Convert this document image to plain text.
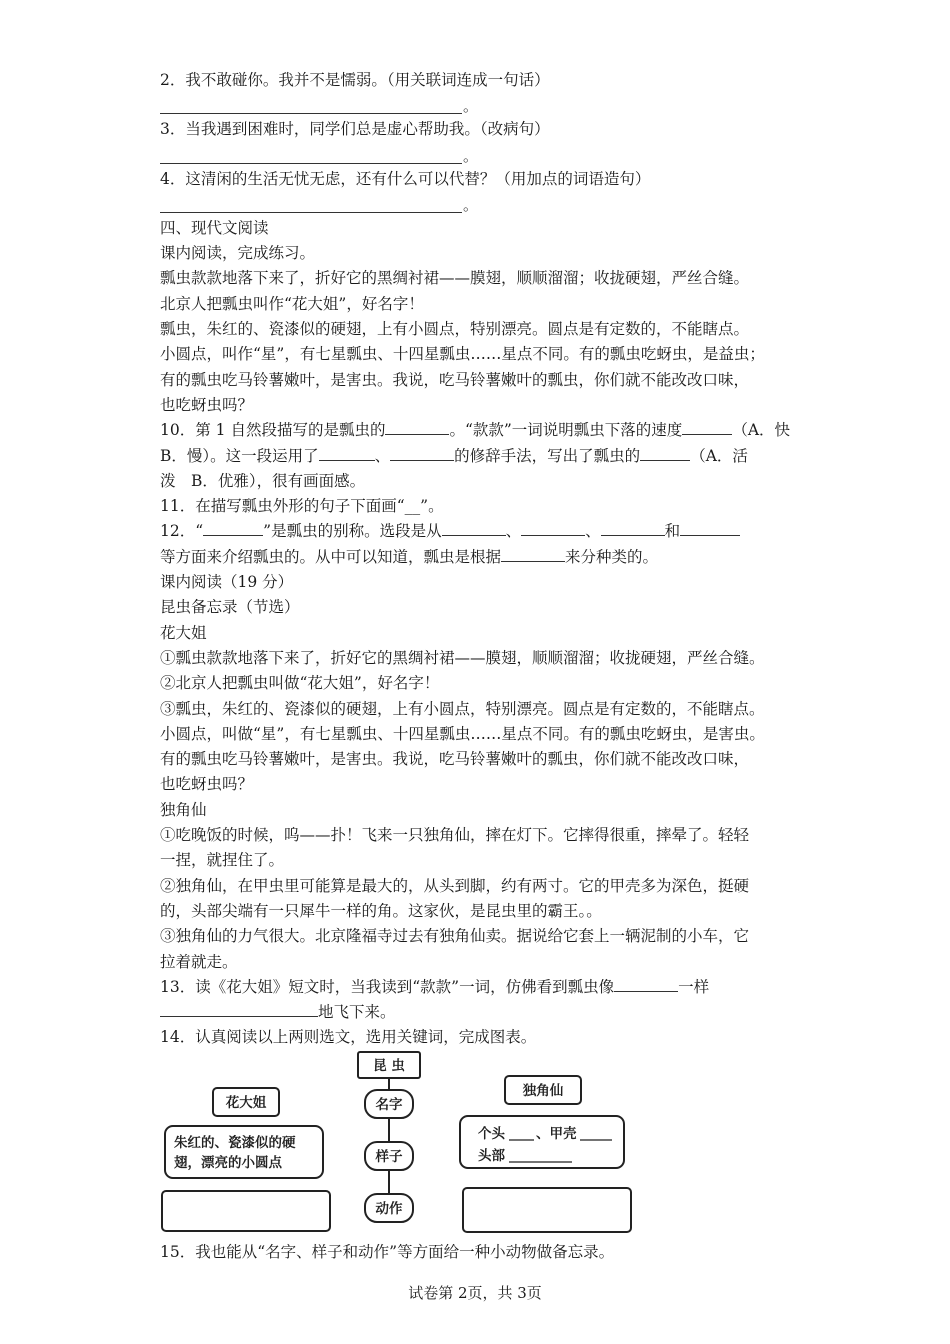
2．我不敢碰你。我并不是懦弱。（用关联词连成一句话）
。
3．当我遇到困难时，同学们总是虚心帮助我。（改病句）
。
4．这清闲的生活无忧无虑，还有什么可以代替？（用加点的词语造句）
。
四、现代文阅读
课内阅读，完成练习。
瓢虫款款地落下来了，折好它的黑绸衬裙——膜翅，顺顺溜溜；收拢硬翅，严丝合缝。
北京人把瓢虫叫作“花大姐”，好名字！
瓢虫，朱红的、瓷漆似的硬翅，上有小圆点，特别漂亮。圆点是有定数的，不能瞎点。
小圆点，叫作“星”，有七星瓢虫、十四星瓢虫……星点不同。有的瓢虫吃蚜虫，是益虫；
有的瓢虫吃马铃薯嫩叶，是害虫。我说，吃马铃薯嫩叶的瓢虫，你们就不能改改口味，
也吃蚜虫吗？
10．第 1 自然段描写的是瓢虫的	。“款款”一词说明瓢虫下落的速度	（A．快
B．慢）。这一段运用了	、	的修辞手法，写出了瓢虫的	（A．活
泼　B．优雅），很有画面感。
11．在描写瓢虫外形的句子下面画“__”。
12．“	”是瓢虫的别称。选段是从	、	、	和
等方面来介绍瓢虫的。从中可以知道，瓢虫是根据	来分种类的。
课内阅读（19 分）
昆虫备忘录（节选）
花大姐
①瓢虫款款地落下来了，折好它的黑绸衬裙——膜翅，顺顺溜溜；收拢硬翅，严丝合缝。
②北京人把瓢虫叫做“花大姐”，好名字！
③瓢虫，朱红的、瓷漆似的硬翅，上有小圆点，特别漂亮。圆点是有定数的，不能瞎点。
小圆点，叫做“星”，有七星瓢虫、十四星瓢虫……星点不同。有的瓢虫吃蚜虫，是害虫。
有的瓢虫吃马铃薯嫩叶，是害虫。我说，吃马铃薯嫩叶的瓢虫，你们就不能改改口味，
也吃蚜虫吗？
独角仙
①吃晚饭的时候，呜——扑！飞来一只独角仙，摔在灯下。它摔得很重，摔晕了。轻轻
一捏，就捏住了。
②独角仙，在甲虫里可能算是最大的，从头到脚，约有两寸。它的甲壳多为深色，挺硬
的，头部尖端有一只犀牛一样的角。这家伙，是昆虫里的霸王。。
③独角仙的力气很大。北京隆福寺过去有独角仙卖。据说给它套上一辆泥制的小车，它
拉着就走。
13．读《花大姐》短文时，当我读到“款款”一词，仿佛看到瓢虫像	一样
地飞下来。
14．认真阅读以上两则选文，选用关键词，完成图表。
昆 虫
名字
样子
动作
花大姐
朱红的、瓷漆似的硬
翅，漂亮的小圆点
独角仙
个头 、甲壳
头部
15．我也能从“名字、样子和动作”等方面给一种小动物做备忘录。
试卷第 2页，共 3页
